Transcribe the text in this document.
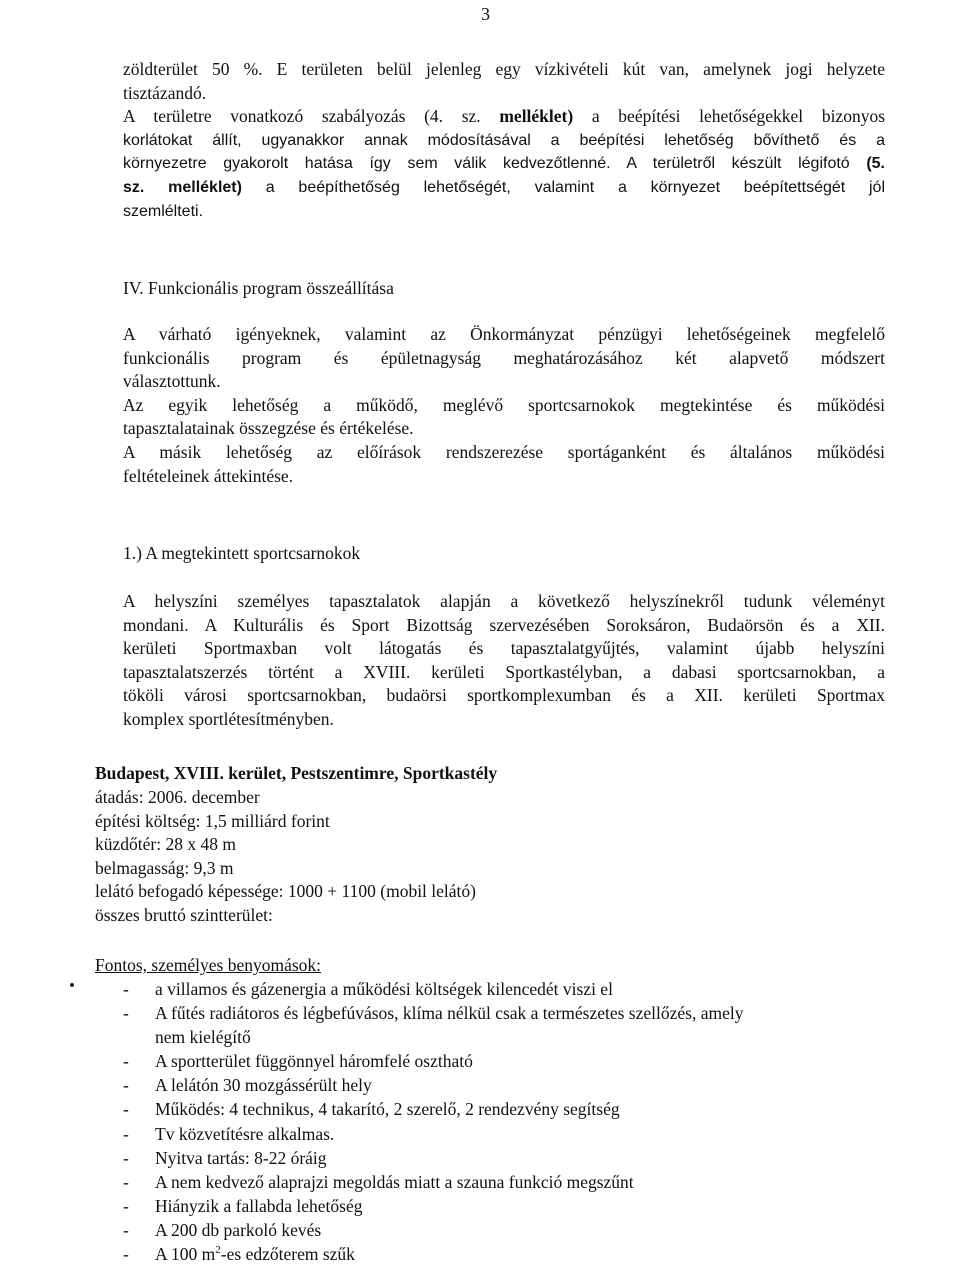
3
zöldterület 50 %. E területen belül jelenleg egy vízkivételi kút van, amelynek jogi helyzete
tisztázandó.
A területre vonatkozó szabályozás (4. sz. melléklet) a beépítési lehetőségekkel bizonyos
korlátokat állít, ugyanakkor annak módosításával a beépítési lehetőség bővíthető és a
környezetre gyakorolt hatása így sem válik kedvezőtlenné. A területről készült légifotó (5.
sz. melléklet) a beépíthetőség lehetőségét, valamint a környezet beépítettségét jól
szemlélteti.
IV. Funkcionális program összeállítása
A várható igényeknek, valamint az Önkormányzat pénzügyi lehetőségeinek megfelelő
funkcionális program és épületnagyság meghatározásához két alapvető módszert
választottunk.
Az egyik lehetőség a működő, meglévő sportcsarnokok megtekintése és működési
tapasztalatainak összegzése és értékelése.
A másik lehetőség az előírások rendszerezése sportáganként és általános működési
feltételeinek áttekintése.
1.) A megtekintett sportcsarnokok
A helyszíni személyes tapasztalatok alapján a következő helyszínekről tudunk véleményt
mondani. A Kulturális és Sport Bizottság szervezésében Soroksáron, Budaörsön és a XII.
kerületi Sportmaxban volt látogatás és tapasztalatgyűjtés, valamint újabb helyszíni
tapasztalatszerzés történt a XVIII. kerületi Sportkastélyban, a dabasi sportcsarnokban, a
tököli városi sportcsarnokban, budaörsi sportkomplexumban és a XII. kerületi Sportmax
komplex sportlétesítményben.
Budapest, XVIII. kerület, Pestszentimre, Sportkastély
átadás: 2006. december
építési költség: 1,5 milliárd forint
küzdőtér: 28 x 48 m
belmagasság: 9,3 m
lelátó befogadó képessége: 1000 + 1100 (mobil lelátó)
összes bruttó szintterület:
Fontos, személyes benyomások:
- a villamos és gázenergia a működési költségek kilencedét viszi el
- A fűtés radiátoros és légbefúvásos, klíma nélkül csak a természetes szellőzés, amely
nem kielégítő
- A sportterület függönnyel háromfelé osztható
- A lelátón 30 mozgássérült hely
- Működés: 4 technikus, 4 takarító, 2 szerelő, 2 rendezvény segítség
- Tv közvetítésre alkalmas.
- Nyitva tartás: 8-22 óráig
- A nem kedvező alaprajzi megoldás miatt a szauna funkció megszűnt
- Hiányzik a fallabda lehetőség
- A 200 db parkoló kevés
- A 100 $m^2-es$ edzőterem szűk
